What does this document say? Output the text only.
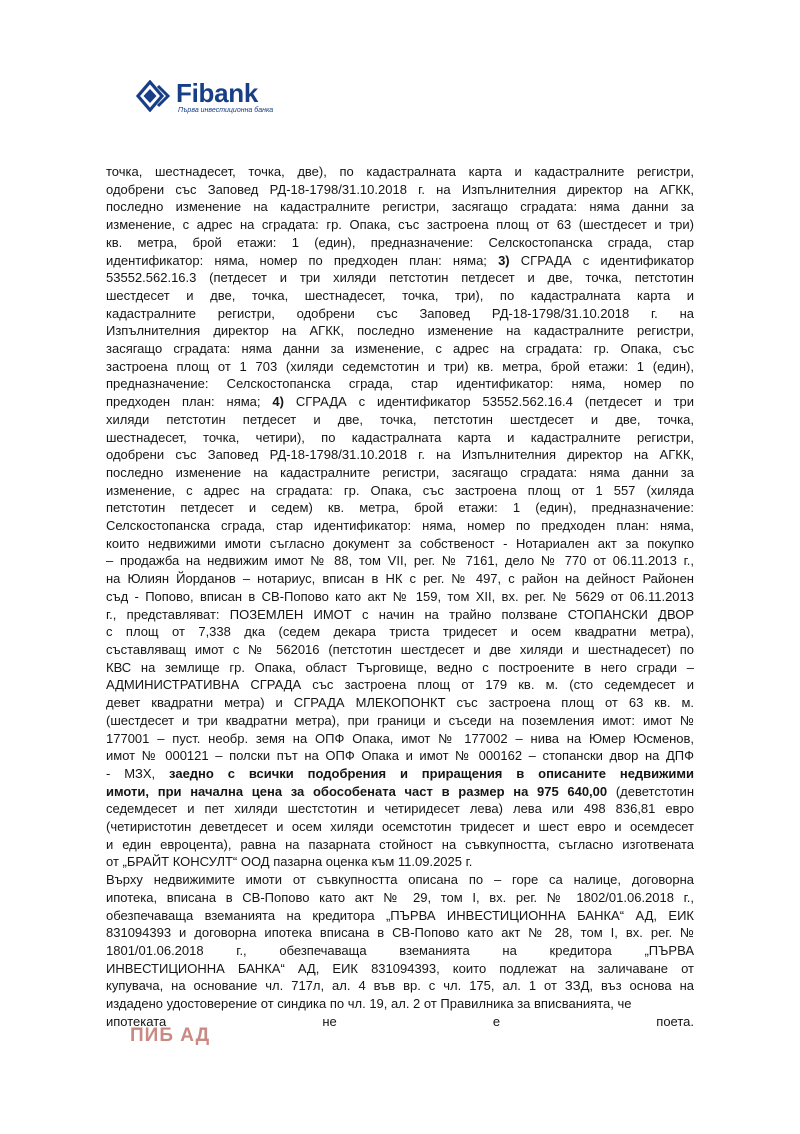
Fibank
Първа инвестиционна банка
точка, шестнадесет, точка, две), по кадастралната карта и кадастралните регистри,
одобрени със Заповед РД-18-1798/31.10.2018 г. на Изпълнителния директор на АГКК,
последно изменение на кадастралните регистри, засягащо сградата: няма данни за
изменение, с адрес на сградата: гр. Опака, със застроена площ от 63 (шестдесет и три)
кв. метра, брой етажи: 1 (един), предназначение: Селскостопанска сграда, стар
идентификатор: няма, номер по предходен план: няма; 3) СГРАДА с идентификатор
53552.562.16.3 (петдесет и три хиляди петстотин петдесет и две, точка, петстотин
шестдесет и две, точка, шестнадесет, точка, три), по кадастралната карта и
кадастралните регистри, одобрени със Заповед РД-18-1798/31.10.2018 г. на
Изпълнителния директор на АГКК, последно изменение на кадастралните регистри,
засягащо сградата: няма данни за изменение, с адрес на сградата: гр. Опака, със
застроена площ от 1 703 (хиляди седемстотин и три) кв. метра, брой етажи: 1 (един),
предназначение: Селскостопанска сграда, стар идентификатор: няма, номер по
предходен план: няма; 4) СГРАДА с идентификатор 53552.562.16.4 (петдесет и три
хиляди петстотин петдесет и две, точка, петстотин шестдесет и две, точка,
шестнадесет, точка, четири), по кадастралната карта и кадастралните регистри,
одобрени със Заповед РД-18-1798/31.10.2018 г. на Изпълнителния директор на АГКК,
последно изменение на кадастралните регистри, засягащо сградата: няма данни за
изменение, с адрес на сградата: гр. Опака, със застроена площ от 1 557 (хиляда
петстотин петдесет и седем) кв. метра, брой етажи: 1 (един), предназначение:
Селскостопанска сграда, стар идентификатор: няма, номер по предходен план: няма,
които недвижими имоти съгласно документ за собственост - Нотариален акт за покупко
– продажба на недвижим имот № 88, том VII, рег. № 7161, дело № 770 от 06.11.2013 г.,
на Юлиян Йорданов – нотариус, вписан в НК с рег. № 497, с район на дейност Районен
съд - Попово, вписан в СВ-Попово като акт № 159, том XII, вх. рег. № 5629 от 06.11.2013
г., представляват: ПОЗЕМЛЕН ИМОТ с начин на трайно ползване СТОПАНСКИ ДВОР
с площ от 7,338 дка (седем декара триста тридесет и осем квадратни метра),
съставляващ имот с № 562016 (петстотин шестдесет и две хиляди и шестнадесет) по
КВС на землище гр. Опака, област Търговище, ведно с построените в него сгради –
АДМИНИСТРАТИВНА СГРАДА със застроена площ от 179 кв. м. (сто седемдесет и
девет квадратни метра) и СГРАДА МЛЕКОПОНКТ със застроена площ от 63 кв. м.
(шестдесет и три квадратни метра), при граници и съседи на поземления имот: имот №
177001 – пуст. необр. земя на ОПФ Опака, имот № 177002 – нива на Юмер Юсменов,
имот № 000121 – полски път на ОПФ Опака и имот № 000162 – стопански двор на ДПФ
- МЗХ, заедно с всички подобрения и приращения в описаните недвижими
имоти, при начална цена за обособената част в размер на 975 640,00 (деветстотин
седемдесет и пет хиляди шестстотин и четиридесет лева) лева или 498 836,81 евро
(четиристотин деветдесет и осем хиляди осемстотин тридесет и шест евро и осемдесет
и един евроцента), равна на пазарната стойност на съвкупността, съгласно изготвената
от „БРАЙТ КОНСУЛТ“ ООД пазарна оценка към 11.09.2025 г.
Върху недвижимите имоти от съвкупността описана по – горе са налице, договорна
ипотека, вписана в СВ-Попово като акт № 29, том I, вх. рег. № 1802/01.06.2018 г.,
обезпечаваща вземанията на кредитора „ПЪРВА ИНВЕСТИЦИОННА БАНКА“ АД, ЕИК
831094393 и договорна ипотека вписана в СВ-Попово като акт № 28, том I, вх. рег. №
1801/01.06.2018 г., обезпечаваща вземанията на кредитора „ПЪРВА
ИНВЕСТИЦИОННА БАНКА“ АД, ЕИК 831094393, които подлежат на заличаване от
купувача, на основание чл. 717л, ал. 4 във вр. с чл. 175, ал. 1 от ЗЗД, въз основа на
издадено удостоверение от синдика по чл. 19, ал. 2 от Правилника за вписванията, че
ипотеката не е поета.
ПИБ АД
